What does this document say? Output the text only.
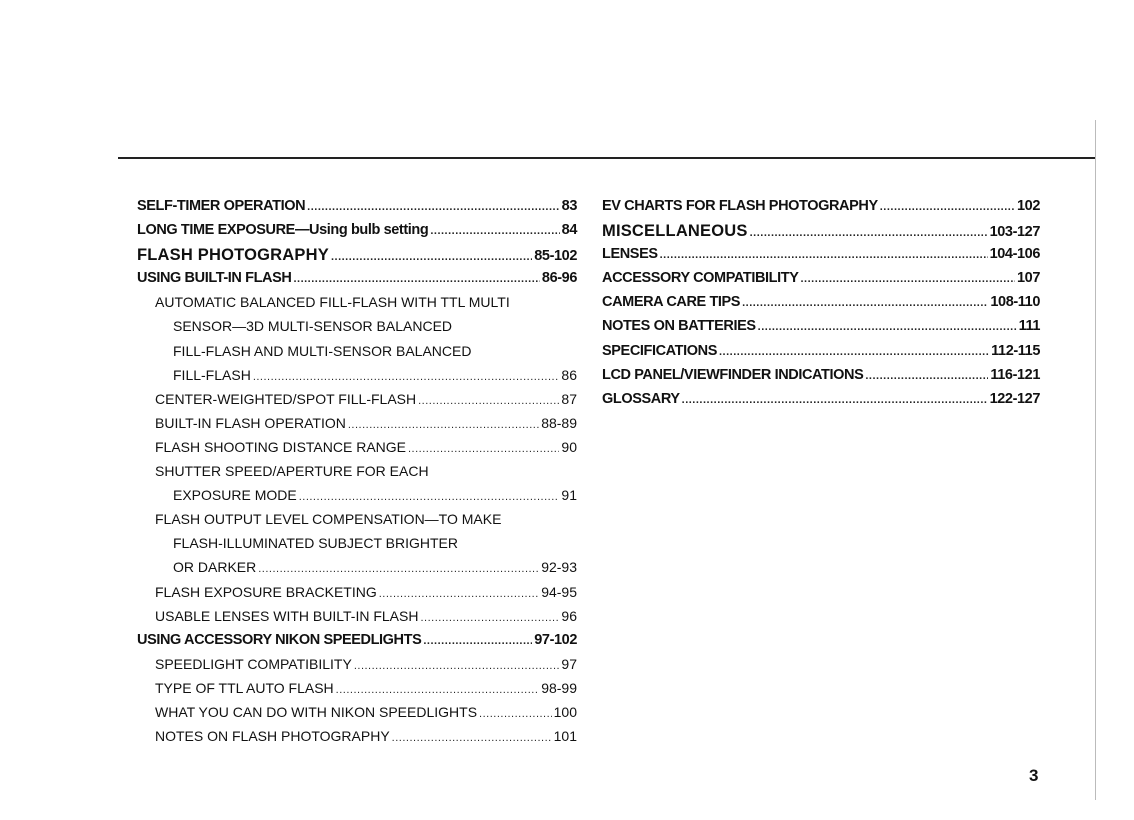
SELF-TIMER OPERATION .....	83
LONG TIME EXPOSURE—Using bulb setting .....	84
FLASH PHOTOGRAPHY .....	85-102
USING BUILT-IN FLASH .....	86-96
AUTOMATIC BALANCED FILL-FLASH WITH TTL MULTI
SENSOR—3D MULTI-SENSOR BALANCED
FILL-FLASH AND MULTI-SENSOR BALANCED
FILL-FLASH .....	86
CENTER-WEIGHTED/SPOT FILL-FLASH .....	87
BUILT-IN FLASH OPERATION .....	88-89
FLASH SHOOTING DISTANCE RANGE .....	90
SHUTTER SPEED/APERTURE FOR EACH
EXPOSURE MODE .....	91
FLASH OUTPUT LEVEL COMPENSATION—TO MAKE
FLASH-ILLUMINATED SUBJECT BRIGHTER
OR DARKER .....	92-93
FLASH EXPOSURE BRACKETING .....	94-95
USABLE LENSES WITH BUILT-IN FLASH .....	96
USING ACCESSORY NIKON SPEEDLIGHTS .....	97-102
SPEEDLIGHT COMPATIBILITY .....	97
TYPE OF TTL AUTO FLASH .....	98-99
WHAT YOU CAN DO WITH NIKON SPEEDLIGHTS .....	100
NOTES ON FLASH PHOTOGRAPHY .....	101
EV CHARTS FOR FLASH PHOTOGRAPHY .....	102
MISCELLANEOUS .....	103-127
LENSES .....	104-106
ACCESSORY COMPATIBILITY .....	107
CAMERA CARE TIPS .....	108-110
NOTES ON BATTERIES .....	111
SPECIFICATIONS .....	112-115
LCD PANEL/VIEWFINDER INDICATIONS .....	116-121
GLOSSARY .....	122-127
3
